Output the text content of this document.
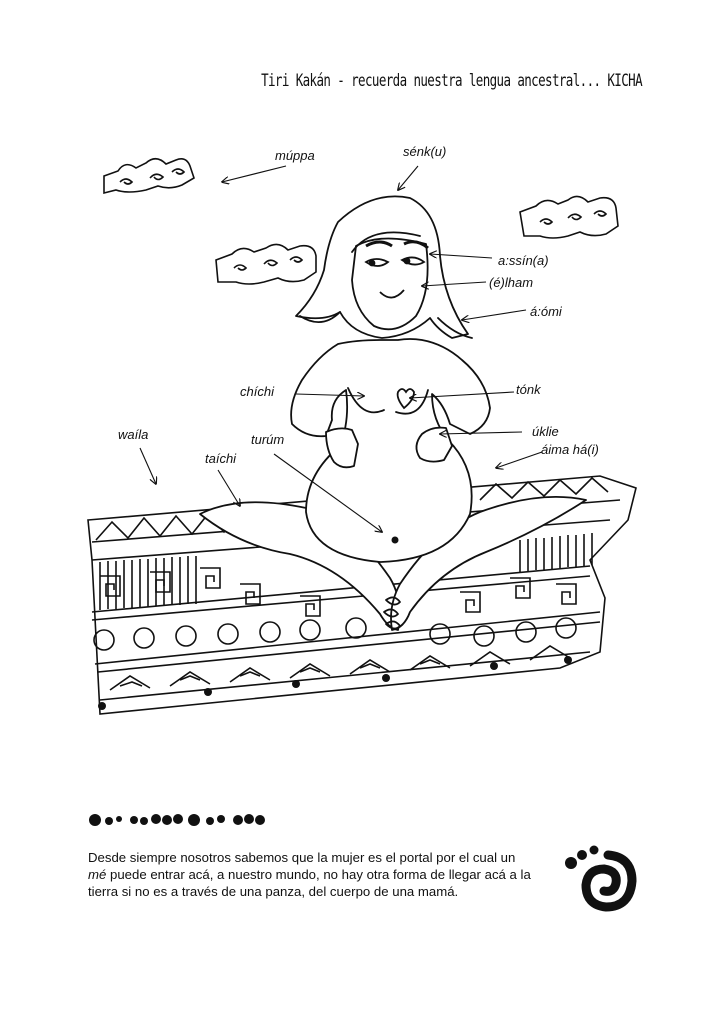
Tiri Kakán - recuerda nuestra lengua ancestral... KICHA
múppa	sénk(u)
a:ssín(a)
(é)lham
á:ómi
chíchi	tónk
úklie
áima há(i)
waíla	turúm
taíchi
Desde siempre nosotros sabemos que la mujer es el portal por el cual un
mé puede entrar acá, a nuestro mundo, no hay otra forma de llegar acá a la tierra si no es a través de una panza, del cuerpo de una mamá.
